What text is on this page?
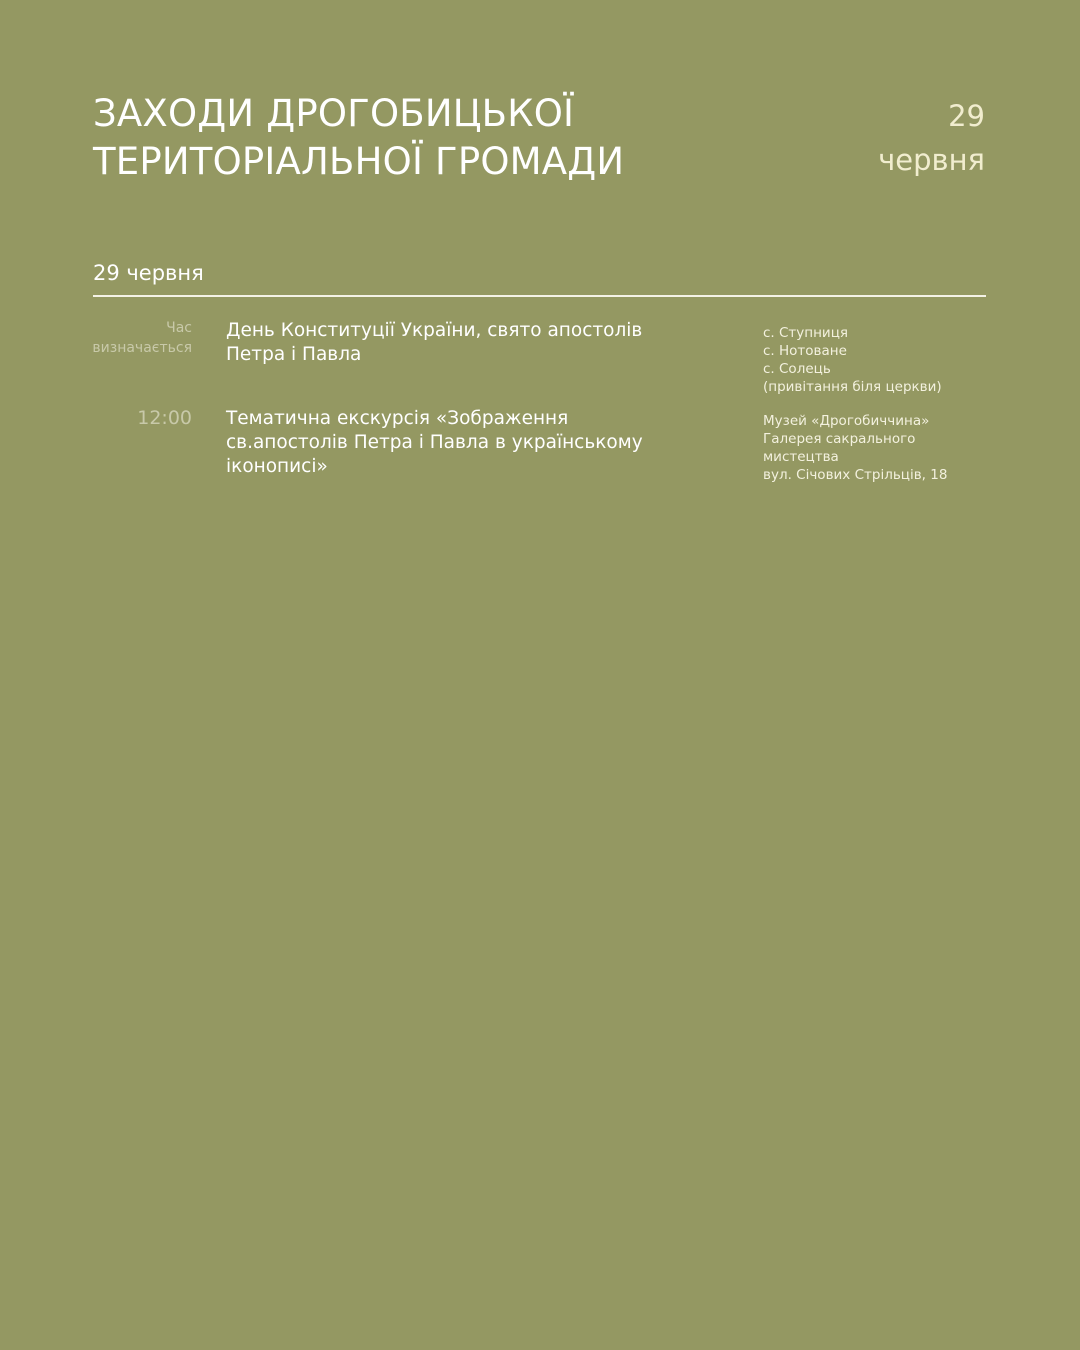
ЗАХОДИ ДРОГОБИЦЬКОЇ
ТЕРИТОРІАЛЬНОЇ ГРОМАДИ
29
червня
29 червня
Час
визначається
День Конституції України, свято апостолів
Петра і Павла
с. Ступниця
с. Нотоване
с. Солець
(привітання біля церкви)
12:00 Тематична екскурсія «Зображення
св.апостолів Петра і Павла в українському
іконописі»
Музей «Дрогобиччина»
Галерея сакрального
мистецтва
вул. Січових Стрільців, 18
